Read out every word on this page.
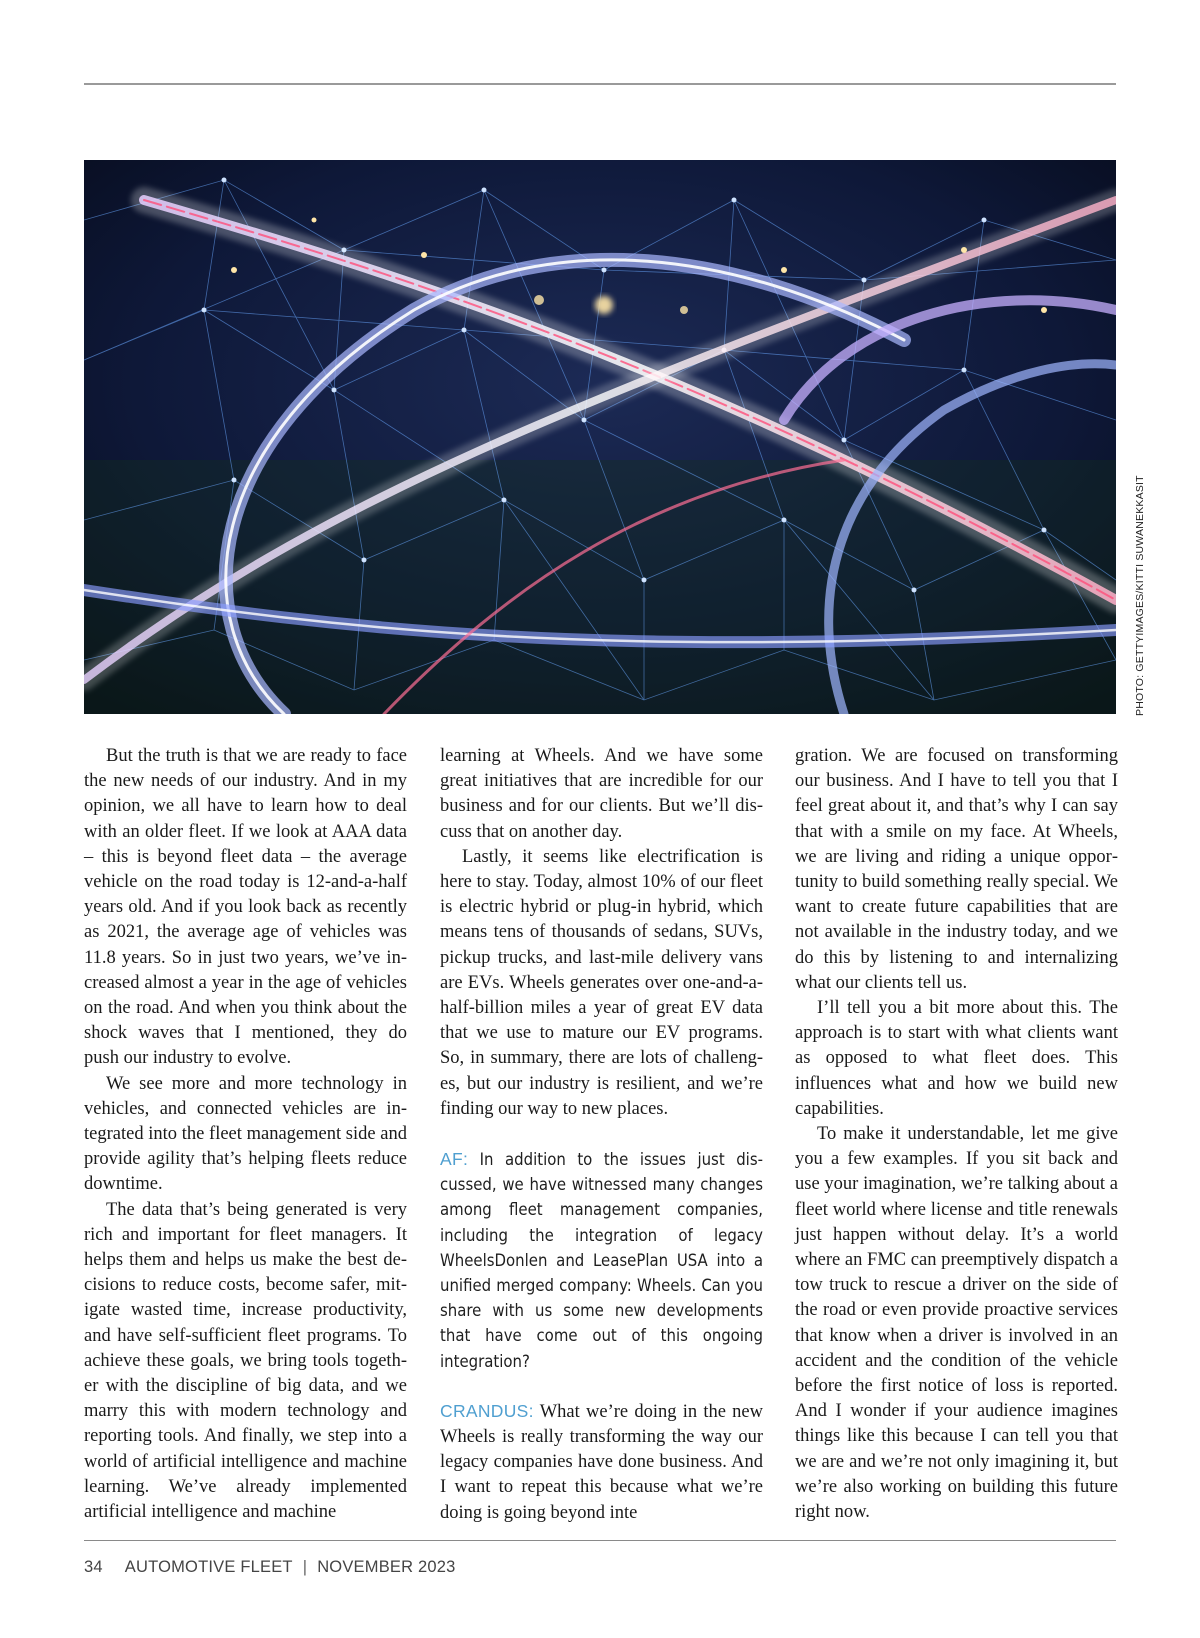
PHOTO: GETTYIMAGES/KITTI SUWANEKKASIT

But the truth is that we are ready to face the new needs of our industry. And in my opinion, we all have to learn how to deal with an older fleet. If we look at AAA data – this is beyond fleet data – the average vehicle on the road today is 12-and-a-half years old. And if you look back as recently as 2021, the average age of vehicles was 11.8 years. So in just two years, we’ve increased almost a year in the age of vehicles on the road. And when you think about the shock waves that I mentioned, they do push our industry to evolve.

We see more and more technology in vehicles, and connected vehicles are integrated into the fleet management side and provide agility that’s helping fleets reduce downtime.

The data that’s being generated is very rich and important for fleet managers. It helps them and helps us make the best decisions to reduce costs, become safer, mitigate wasted time, increase productivity, and have self-sufficient fleet programs. To achieve these goals, we bring tools together with the discipline of big data, and we marry this with modern technology and reporting tools. And finally, we step into a world of artificial intelligence and machine learning. We’ve already implemented artificial intelligence and machine

learning at Wheels. And we have some great initiatives that are incredible for our business and for our clients. But we’ll discuss that on another day.

Lastly, it seems like electrification is here to stay. Today, almost 10% of our fleet is electric hybrid or plug-in hybrid, which means tens of thousands of sedans, SUVs, pickup trucks, and last-mile delivery vans are EVs. Wheels generates over one-and-a-half-billion miles a year of great EV data that we use to mature our EV programs. So, in summary, there are lots of challenges, but our industry is resilient, and we’re finding our way to new places.

AF: In addition to the issues just discussed, we have witnessed many changes among fleet management companies, including the integration of legacy WheelsDonlen and LeasePlan USA into a unified merged company: Wheels. Can you share with us some new developments that have come out of this ongoing integration?

CRANDUS: What we’re doing in the new Wheels is really transforming the way our legacy companies have done business. And I want to repeat this because what we’re doing is going beyond inte

gration. We are focused on transforming our business. And I have to tell you that I feel great about it, and that’s why I can say that with a smile on my face. At Wheels, we are living and riding a unique opportunity to build something really special. We want to create future capabilities that are not available in the industry today, and we do this by listening to and internalizing what our clients tell us.

I’ll tell you a bit more about this. The approach is to start with what clients want as opposed to what fleet does. This influences what and how we build new capabilities.

To make it understandable, let me give you a few examples. If you sit back and use your imagination, we’re talking about a fleet world where license and title renewals just happen without delay. It’s a world where an FMC can preemptively dispatch a tow truck to rescue a driver on the side of the road or even provide proactive services that know when a driver is involved in an accident and the condition of the vehicle before the first notice of loss is reported. And I wonder if your audience imagines things like this because I can tell you that we are and we’re not only imagining it, but we’re also working on building this future right now.

34 AUTOMOTIVE FLEET | NOVEMBER 2023
